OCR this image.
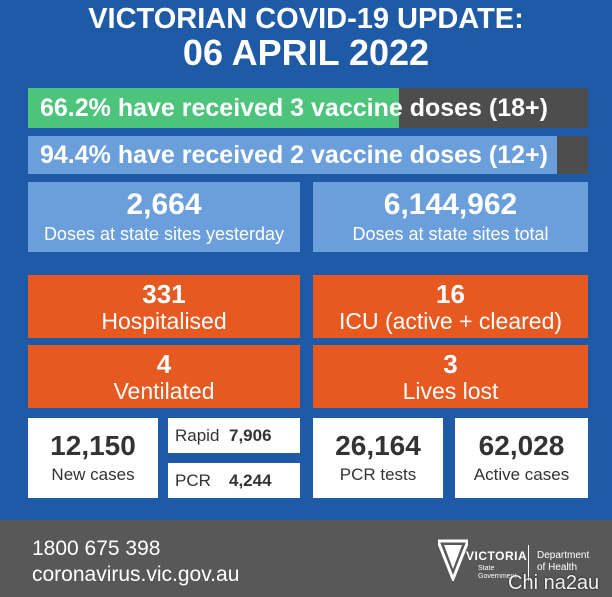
VICTORIAN COVID-19 UPDATE:
06 APRIL 2022
66.2% have received 3 vaccine doses (18+)
94.4% have received 2 vaccine doses (12+)
2,664
Doses at state sites yesterday
6,144,962
Doses at state sites total
331
Hospitalised
16
ICU (active + cleared)
4
Ventilated
3
Lives lost
12,150
New cases
Rapid 7,906
PCR 4,244
26,164
PCR tests
62,028
Active cases
1800 675 398
coronavirus.vic.gov.au
VICTORIA
State
Government
Department
of Health
Chi na2au
